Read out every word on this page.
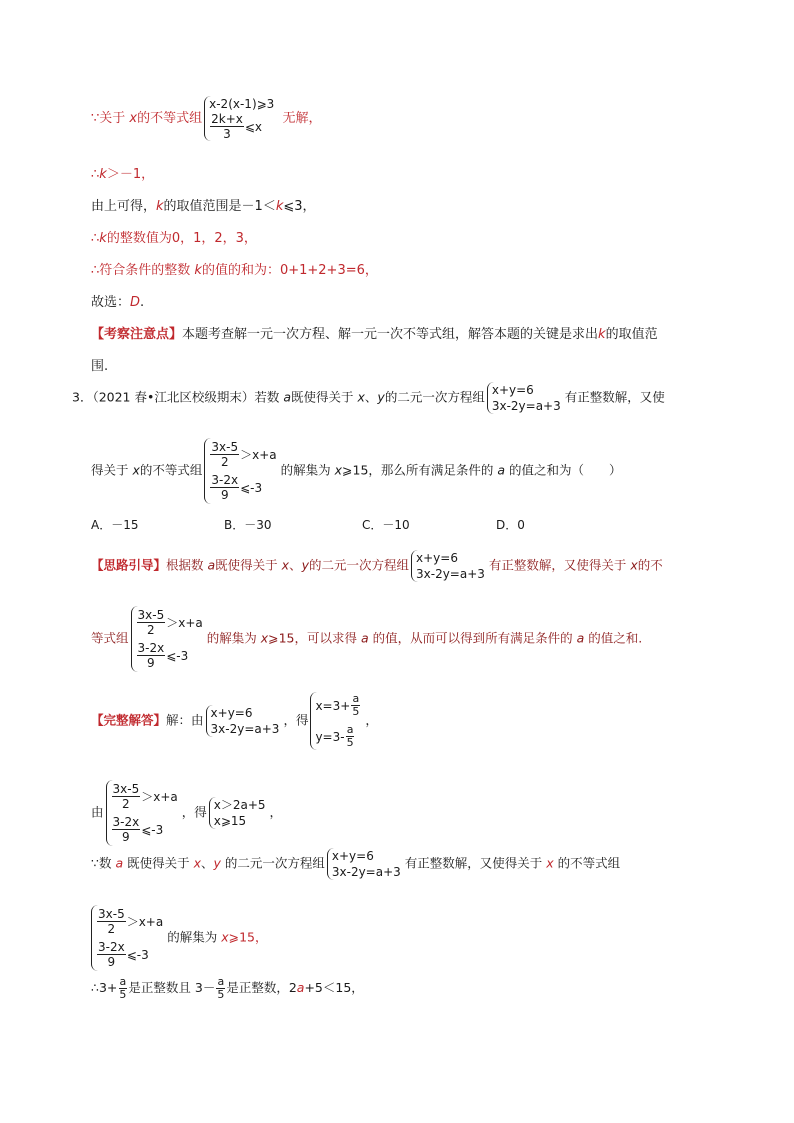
∵关于 x的不等式组
x-2(x-1)⩾3
$\frac{2k+x}{3}$ ⩽x
无解，
∴k＞－1，
由上可得，k的取值范围是－1＜k⩽3，
∴k的整数值为0，1，2，3，
∴符合条件的整数 k的值的和为：0+1+2+3=6，
故选：D.
【考察注意点】本题考查解一元一次方程、解一元一次不等式组，解答本题的关键是求出k的取值范
围.
3．（2021 春•江北区校级期末）若数 a既使得关于 x、y的二元一次方程组 x+y=6
3x-2y=a+3
有正整数解，又使
得关于 x的不等式组
$\frac{3x-5}{2} >x+a$
$\frac{3-2x}{9}$ ⩽-3
的解集为 x⩾15，那么所有满足条件的 a 的值之和为（　　）
A．－15	B．－30	C．－10	D．0
【思路引导】根据数 a既使得关于 x、y的二元一次方程组 x+y=6
3x-2y=a+3
有正整数解，又使得关于 x的不
等式组
$\frac{3x-5}{2} >x+a$
$\frac{3-2x}{9}$ ⩽-3
的解集为 x⩾15，可以求得 a 的值，从而可以得到所有满足条件的 a 的值之和.
【完整解答】解：由 x+y=6
3x-2y=a+3
，得
$x=3+ \frac{a}{5}$
$y=3- \frac{a}{5}$
，
由
$\frac{3x-5}{2} >x+a$
$\frac{3-2x}{9}$ ⩽-3
，得 x＞2a+5
x⩾15
，
∵数 a 既使得关于 x、y 的二元一次方程组 x+y=6
3x-2y=a+3
有正整数解，又使得关于 x 的不等式组
$\frac{3x-5}{2} >x+a$
$\frac{3-2x}{9}$ ⩽-3
的解集为 x⩾15，
∴3+ $\frac{a}{5}$ 是正整数且 $3- \frac{a}{5}$ 是正整数，2a+5＜15，
